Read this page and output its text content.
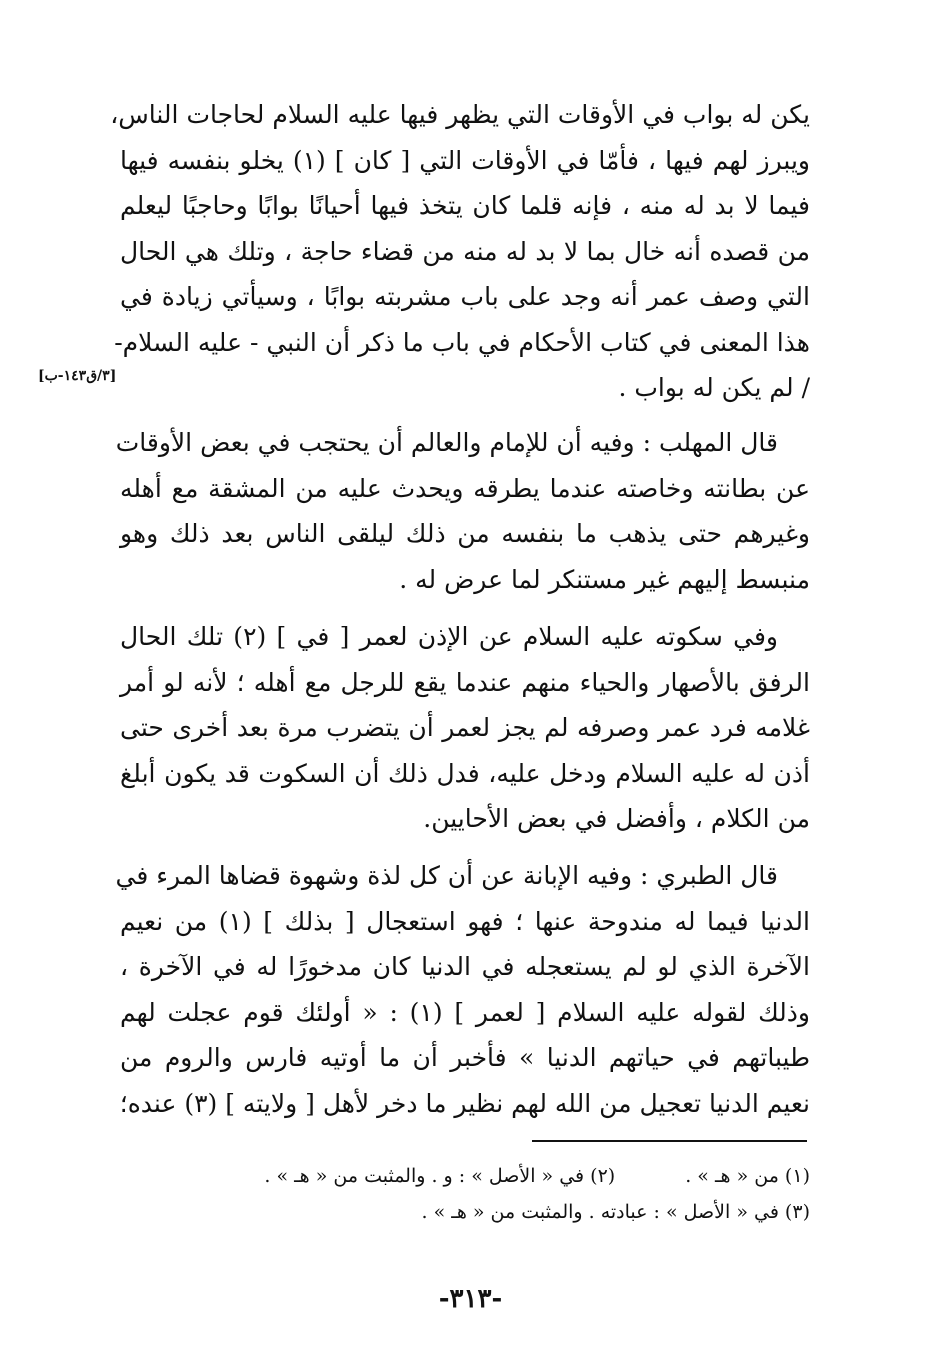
يكن له بواب في الأوقات التي يظهر فيها عليه السلام لحاجات الناس،
ويبرز لهم فيها ، فأمّا في الأوقات التي [ كان ] (١) يخلو بنفسه فيها
فيما لا بد له منه ، فإنه قلما كان يتخذ فيها أحيانًا بوابًا وحاجبًا ليعلم
من قصده أنه خال بما لا بد له منه من قضاء حاجة ، وتلك هي الحال
التي وصف عمر أنه وجد على باب مشربته بوابًا ، وسيأتي زيادة في
هذا المعنى في كتاب الأحكام في باب ما ذكر أن النبي - عليه السلام-
/ لم يكن له بواب .
[٣/ق١٤٣-ب]
قال المهلب : وفيه أن للإمام والعالم أن يحتجب في بعض الأوقات
عن بطانته وخاصته عندما يطرقه ويحدث عليه من المشقة مع أهله
وغيرهم حتى يذهب ما بنفسه من ذلك ليلقى الناس بعد ذلك وهو
منبسط إليهم غير مستنكر لما عرض له .
وفي سكوته عليه السلام عن الإذن لعمر [ في ] (٢) تلك الحال
الرفق بالأصهار والحياء منهم عندما يقع للرجل مع أهله ؛ لأنه لو أمر
غلامه فرد عمر وصرفه لم يجز لعمر أن يتضرب مرة بعد أخرى حتى
أذن له عليه السلام ودخل عليه، فدل ذلك أن السكوت قد يكون أبلغ
من الكلام ، وأفضل في بعض الأحايين.
قال الطبري : وفيه الإبانة عن أن كل لذة وشهوة قضاها المرء في
الدنيا فيما له مندوحة عنها ؛ فهو استعجال [ بذلك ] (١) من نعيم
الآخرة الذي لو لم يستعجله في الدنيا كان مدخورًا له في الآخرة ،
وذلك لقوله عليه السلام [ لعمر ] (١) : « أولئك قوم عجلت لهم
طيباتهم في حياتهم الدنيا » فأخبر أن ما أوتيه فارس والروم من
نعيم الدنيا تعجيل من الله لهم نظير ما دخر لأهل [ ولايته ] (٣) عنده؛
(١) من « هـ » .(٢) في « الأصل » : و . والمثبت من « هـ » .
(٣) في « الأصل » : عبادته . والمثبت من « هـ » .
-٣١٣-
